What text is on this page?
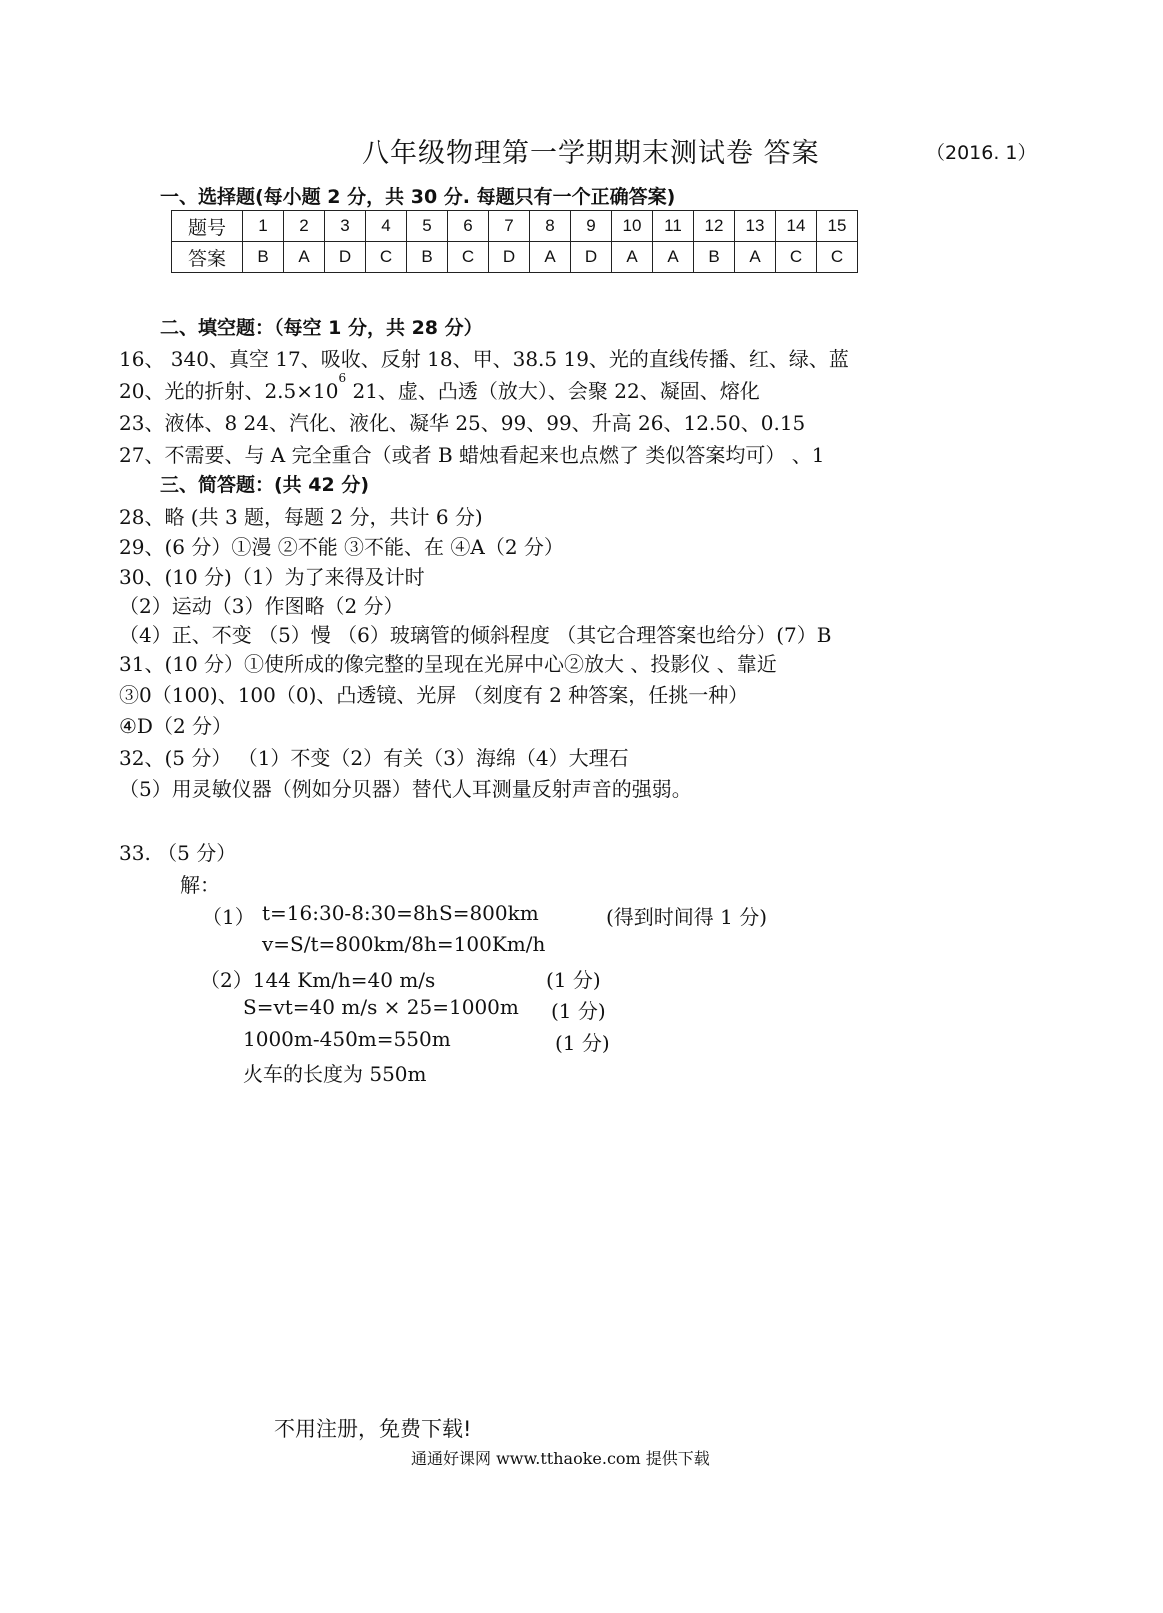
八年级物理第一学期期末测试卷 答案	（2016. 1）
一、选择题(每小题 2 分，共 30 分. 每题只有一个正确答案)
题号	1	2	3	4	5	6	7	8	9	10	11	12	13	14	15
答案	B	A	D	C	B	C	D	A	D	A	A	B	A	C	C
二、填空题：（每空 1 分，共 28 分）
16、 340、真空 17、吸收、反射 18、甲、38.5 19、光的直线传播、红、绿、蓝
20、光的折射、$2.5\times 10^6$ 21、虚、凸透（放大）、会聚 22、凝固、熔化
23、液体、8 24、汽化、液化、凝华 25、99、99、升高 26、12.50、0.15
27、不需要、与 A 完全重合（或者 B 蜡烛看起来也点燃了 类似答案均可） 、1
三、简答题：(共 42 分)
28、略 (共 3 题，每题 2 分，共计 6 分)
29、(6 分）①漫 ②不能 ③不能、在 ④A（2 分）
30、(10 分)（1）为了来得及计时
（2）运动（3）作图略（2 分）
（4）正、不变 （5）慢 （6）玻璃管的倾斜程度 （其它合理答案也给分）(7）B
31、(10 分）①使所成的像完整的呈现在光屏中心②放大 、投影仪 、靠近
③0（100)、100（0)、凸透镜、光屏 （刻度有 2 种答案，任挑一种）
④D（2 分）
32、(5 分） （1）不变（2）有关（3）海绵（4）大理石
（5）用灵敏仪器（例如分贝器）替代人耳测量反射声音的强弱。
33. （5 分）
解：
（1） t=16:30-8:30=8h S=800km	(得到时间得 1 分)
v=S/t=800km/8h=100Km/h
（2）144 Km/h=40 m/s	(1 分)
S=vt=40 m/s × 25=1000m (1 分)
1000m-450m=550m	(1 分)
火车的长度为 550m
不用注册，免费下载!
通通好课网 www.tthaoke.com 提供下载
